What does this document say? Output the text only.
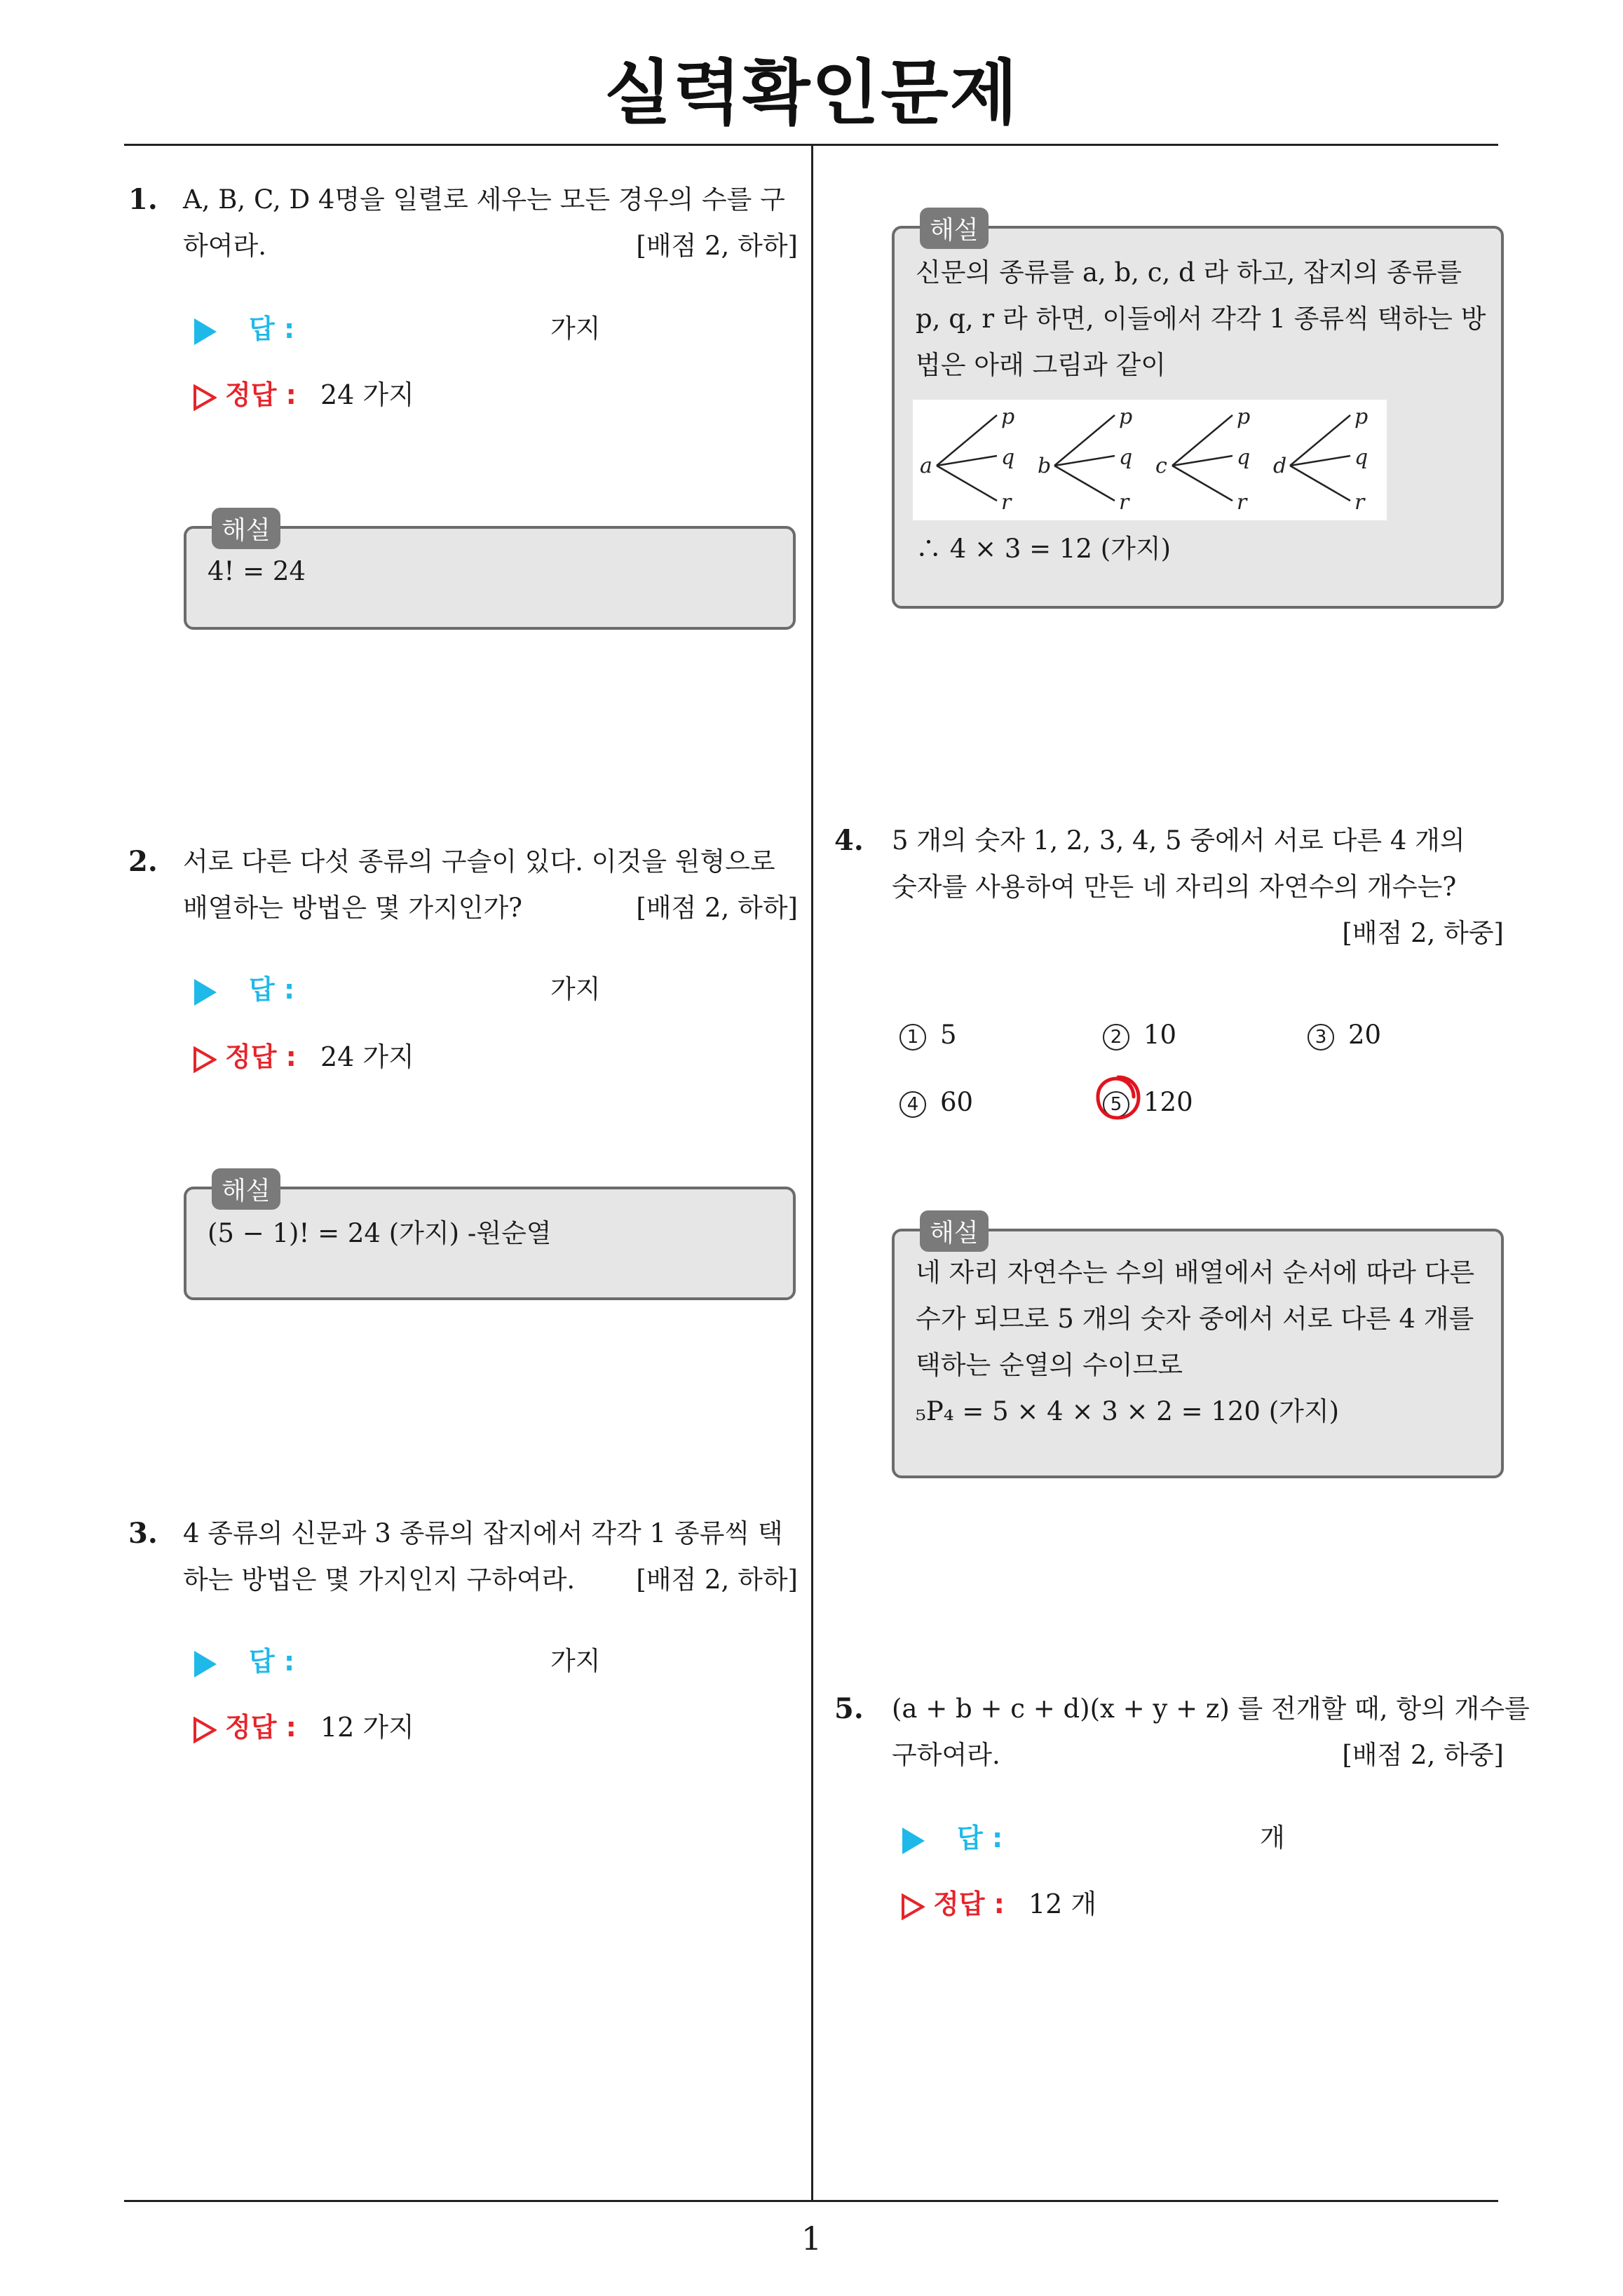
실력확인문제
1
1. A, B, C, D 4명을 일렬로 세우는 모든 경우의 수를 구
하여라.	[배점 2, 하하]
답 :	가지
정답 : 24 가지
해설
4! = 24
2. 서로 다른 다섯 종류의 구슬이 있다. 이것을 원형으로
배열하는 방법은 몇 가지인가?	[배점 2, 하하]
답 :	가지
정답 : 24 가지
해설
(5 − 1)! = 24 (가지) -원순열
3. 4 종류의 신문과 3 종류의 잡지에서 각각 1 종류씩 택
하는 방법은 몇 가지인지 구하여라. [배점 2, 하하]
답 :	가지
정답 : 12 가지
해설
신문의 종류를 a, b, c, d 라 하고, 잡지의 종류를
p, q, r 라 하면, 이들에서 각각 1 종류씩 택하는 방
법은 아래 그림과 같이
∴ 4 × 3 = 12 (가지)
a
p
q
r
b
p
q
r
c
p
q
r
d
p
q
r
4. 5 개의 숫자 1, 2, 3, 4, 5 중에서 서로 다른 4 개의
숫자를 사용하여 만든 네 자리의 자연수의 개수는?
[배점 2, 하중]
1 5	2 10	3 20
4 60	5 120
해설
네 자리 자연수는 수의 배열에서 순서에 따라 다른
수가 되므로 5 개의 숫자 중에서 서로 다른 4 개를
택하는 순열의 수이므로
₅P₄ = 5 × 4 × 3 × 2 = 120 (가지)
5. (a + b + c + d)(x + y + z) 를 전개할 때, 항의 개수를
구하여라.	[배점 2, 하중]
답 :	개
정답 : 12 개
